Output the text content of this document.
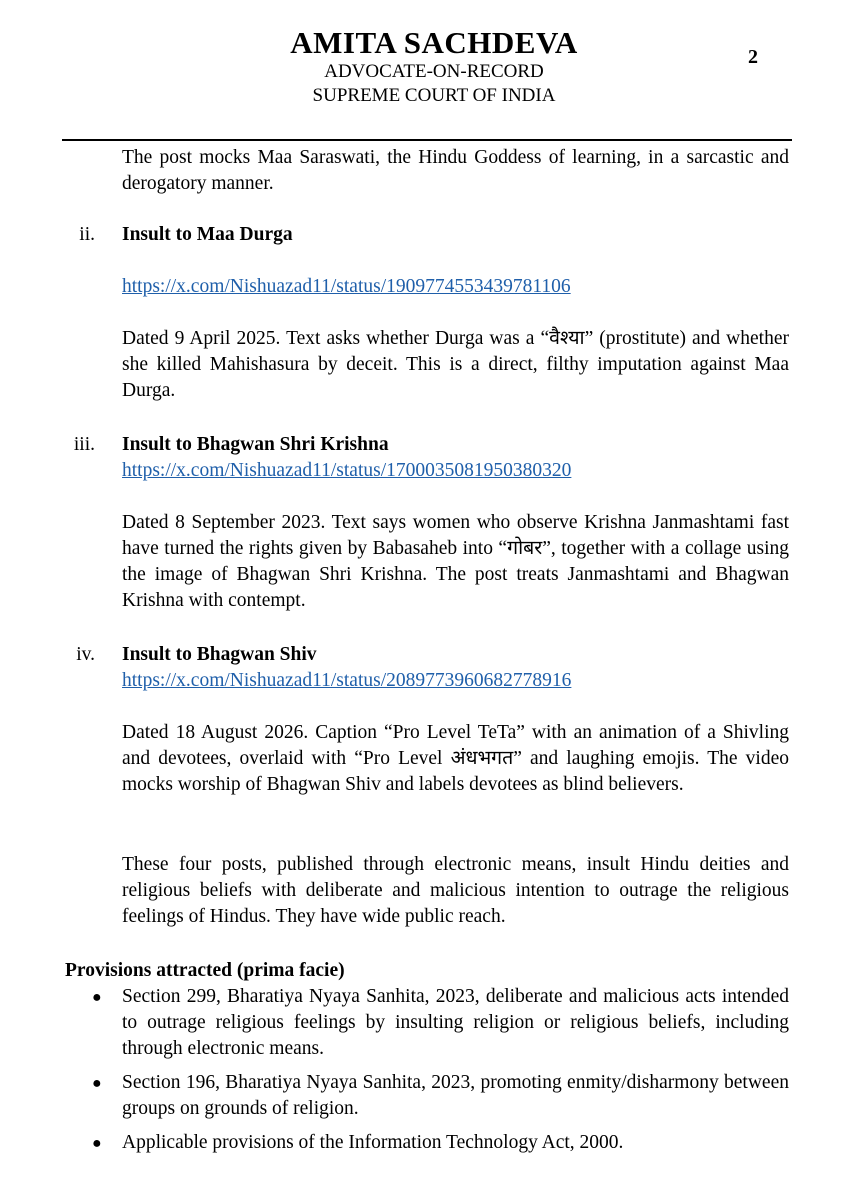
AMITA SACHDEVA
ADVOCATE-ON-RECORD
SUPREME COURT OF INDIA
2
The post mocks Maa Saraswati, the Hindu Goddess of learning, in a sarcastic and derogatory manner.
ii. Insult to Maa Durga
https://x.com/Nishuazad11/status/1909774553439781106
Dated 9 April 2025. Text asks whether Durga was a “वैश्या” (prostitute) and whether she killed Mahishasura by deceit. This is a direct, filthy imputation against Maa Durga.
iii. Insult to Bhagwan Shri Krishna
https://x.com/Nishuazad11/status/1700035081950380320
Dated 8 September 2023. Text says women who observe Krishna Janmashtami fast have turned the rights given by Babasaheb into “गोबर”, together with a collage using the image of Bhagwan Shri Krishna. The post treats Janmashtami and Bhagwan Krishna with contempt.
iv. Insult to Bhagwan Shiv
https://x.com/Nishuazad11/status/2089773960682778916
Dated 18 August 2026. Caption “Pro Level TeTa” with an animation of a Shivling and devotees, overlaid with “Pro Level अंधभगत” and laughing emojis. The video mocks worship of Bhagwan Shiv and labels devotees as blind believers.
These four posts, published through electronic means, insult Hindu deities and religious beliefs with deliberate and malicious intention to outrage the religious feelings of Hindus. They have wide public reach.
Provisions attracted (prima facie)
● Section 299, Bharatiya Nyaya Sanhita, 2023, deliberate and malicious acts intended to outrage religious feelings by insulting religion or religious beliefs, including through electronic means.
● Section 196, Bharatiya Nyaya Sanhita, 2023, promoting enmity/disharmony between groups on grounds of religion.
● Applicable provisions of the Information Technology Act, 2000.
